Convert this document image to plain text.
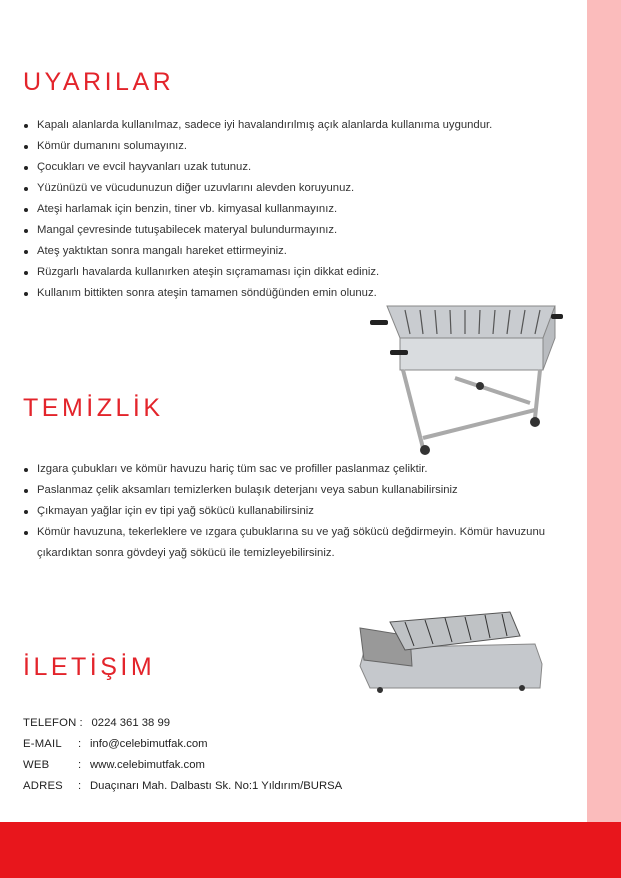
UYARILAR
Kapalı alanlarda kullanılmaz, sadece iyi havalandırılmış açık alanlarda kullanıma uygundur.
Kömür dumanını solumayınız.
Çocukları ve evcil hayvanları uzak tutunuz.
Yüzünüzü ve vücudunuzun diğer uzuvlarını alevden koruyunuz.
Ateşi harlamak için benzin, tiner vb. kimyasal kullanmayınız.
Mangal çevresinde tutuşabilecek materyal bulundurmayınız.
Ateş yaktıktan sonra mangalı hareket ettirmeyiniz.
Rüzgarlı havalarda kullanırken ateşin sıçramaması için dikkat ediniz.
Kullanım bittikten sonra ateşin tamamen söndüğünden emin olunuz.
TEMİZLİK
Izgara çubukları ve kömür havuzu hariç tüm sac ve profiller paslanmaz çeliktir.
Paslanmaz çelik aksamları temizlerken bulaşık deterjanı veya sabun kullanabilirsiniz
Çıkmayan yağlar için ev tipi yağ sökücü kullanabilirsiniz
Kömür havuzuna, tekerleklere ve ızgara çubuklarına su ve yağ sökücü değdirmeyin. Kömür havuzunu çıkardıktan sonra gövdeyi yağ sökücü ile temizleyebilirsiniz.
İLETİŞİM
TELEFON : 0224 361 38 99
E-MAIL	: info@celebimutfak.com
WEB	: www.celebimutfak.com
ADRES	: Duaçınarı Mah. Dalbastı Sk. No:1 Yıldırım/BURSA
